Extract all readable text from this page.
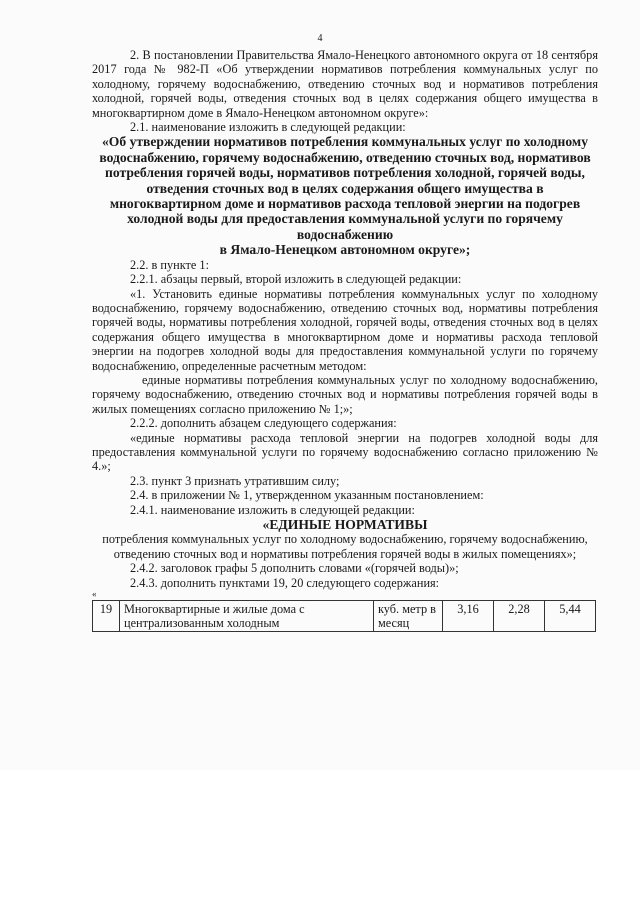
4

2. В постановлении Правительства Ямало-Ненецкого автономного округа от 18 сентября 2017 года № 982-П «Об утверждении нормативов потребления коммунальных услуг по холодному, горячему водоснабжению, отведению сточных вод и нормативов потребления холодной, горячей воды, отведения сточных вод в целях содержания общего имущества в многоквартирном доме в Ямало-Ненецком автономном округе»:

2.1. наименование изложить в следующей редакции:

«Об утверждении нормативов потребления коммунальных услуг по холодному водоснабжению, горячему водоснабжению, отведению сточных вод, нормативов потребления горячей воды, нормативов потребления холодной, горячей воды, отведения сточных вод в целях содержания общего имущества в многоквартирном доме и нормативов расхода тепловой энергии на подогрев холодной воды для предоставления коммунальной услуги по горячему водоснабжению

в Ямало-Ненецком автономном округе»;

2.2. в пункте 1:

2.2.1. абзацы первый, второй изложить в следующей редакции:

«1. Установить единые нормативы потребления коммунальных услуг по холодному водоснабжению, горячему водоснабжению, отведению сточных вод, нормативы потребления горячей воды, нормативы потребления холодной, горячей воды, отведения сточных вод в целях содержания общего имущества в многоквартирном доме и нормативы расхода тепловой энергии на подогрев холодной воды для предоставления коммунальной услуги по горячему водоснабжению, определенные расчетным методом:

единые нормативы потребления коммунальных услуг по холодному водоснабжению, горячему водоснабжению, отведению сточных вод и нормативы потребления горячей воды в жилых помещениях согласно приложению № 1;»;

2.2.2. дополнить абзацем следующего содержания:

«единые нормативы расхода тепловой энергии на подогрев холодной воды для предоставления коммунальной услуги по горячему водоснабжению согласно приложению № 4.»;

2.3. пункт 3 признать утратившим силу;

2.4. в приложении № 1, утвержденном указанным постановлением:

2.4.1. наименование изложить в следующей редакции:

«ЕДИНЫЕ НОРМАТИВЫ

потребления коммунальных услуг по холодному водоснабжению, горячему водоснабжению, отведению сточных вод и нормативы потребления горячей воды в жилых помещениях»;

2.4.2. заголовок графы 5 дополнить словами «(горячей воды)»;

2.4.3. дополнить пунктами 19, 20 следующего содержания:

«

19	Многоквартирные и жилые дома с централизованным холодным	куб. метр в месяц	3,16	2,28	5,44
